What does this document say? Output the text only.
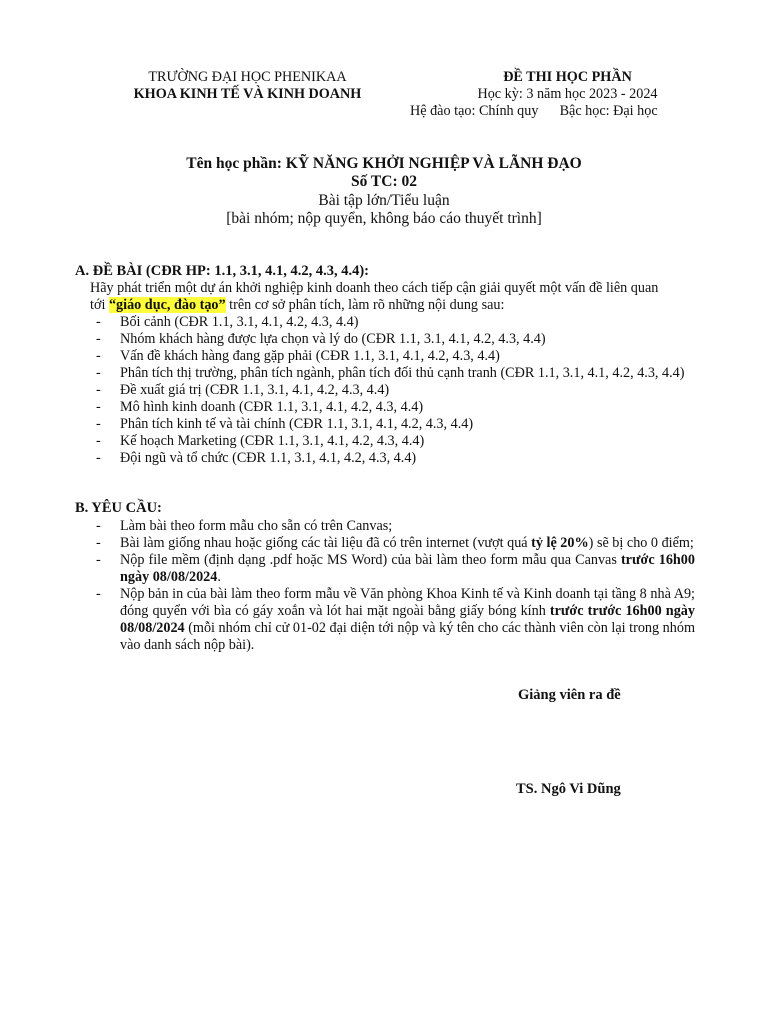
TRƯỜNG ĐẠI HỌC PHENIKAA
KHOA KINH TẾ VÀ KINH DOANH
ĐỀ THI HỌC PHẦN
Học kỳ: 3 năm học 2023 - 2024
Hệ đào tạo: Chính quy Bậc học: Đại học
Tên học phần: KỸ NĂNG KHỞI NGHIỆP VÀ LÃNH ĐẠO
Số TC: 02
Bài tập lớn/Tiểu luận
[bài nhóm; nộp quyển, không báo cáo thuyết trình]
A. ĐỀ BÀI (CĐR HP: 1.1, 3.1, 4.1, 4.2, 4.3, 4.4):
Hãy phát triển một dự án khởi nghiệp kinh doanh theo cách tiếp cận giải quyết một vấn đề liên quan
tới “giáo dục, đào tạo” trên cơ sở phân tích, làm rõ những nội dung sau:
- Bối cảnh (CĐR 1.1, 3.1, 4.1, 4.2, 4.3, 4.4)
- Nhóm khách hàng được lựa chọn và lý do (CĐR 1.1, 3.1, 4.1, 4.2, 4.3, 4.4)
- Vấn đề khách hàng đang gặp phải (CĐR 1.1, 3.1, 4.1, 4.2, 4.3, 4.4)
- Phân tích thị trường, phân tích ngành, phân tích đối thủ cạnh tranh (CĐR 1.1, 3.1, 4.1, 4.2, 4.3, 4.4)
- Đề xuất giá trị (CĐR 1.1, 3.1, 4.1, 4.2, 4.3, 4.4)
- Mô hình kinh doanh (CĐR 1.1, 3.1, 4.1, 4.2, 4.3, 4.4)
- Phân tích kinh tế và tài chính (CĐR 1.1, 3.1, 4.1, 4.2, 4.3, 4.4)
- Kế hoạch Marketing (CĐR 1.1, 3.1, 4.1, 4.2, 4.3, 4.4)
- Đội ngũ và tổ chức (CĐR 1.1, 3.1, 4.1, 4.2, 4.3, 4.4)
B. YÊU CẦU:
- Làm bài theo form mẫu cho sẵn có trên Canvas;
- Bài làm giống nhau hoặc giống các tài liệu đã có trên internet (vượt quá tỷ lệ 20%) sẽ bị cho 0 điểm;
- Nộp file mềm (định dạng .pdf hoặc MS Word) của bài làm theo form mẫu qua Canvas trước 16h00 ngày 08/08/2024.
- Nộp bản in của bài làm theo form mẫu về Văn phòng Khoa Kinh tế và Kinh doanh tại tầng 8 nhà A9; đóng quyển với bìa có gáy xoắn và lót hai mặt ngoài bằng giấy bóng kính trước trước 16h00 ngày 08/08/2024 (mỗi nhóm chỉ cử 01-02 đại diện tới nộp và ký tên cho các thành viên còn lại trong nhóm vào danh sách nộp bài).
Giảng viên ra đề
TS. Ngô Vi Dũng
